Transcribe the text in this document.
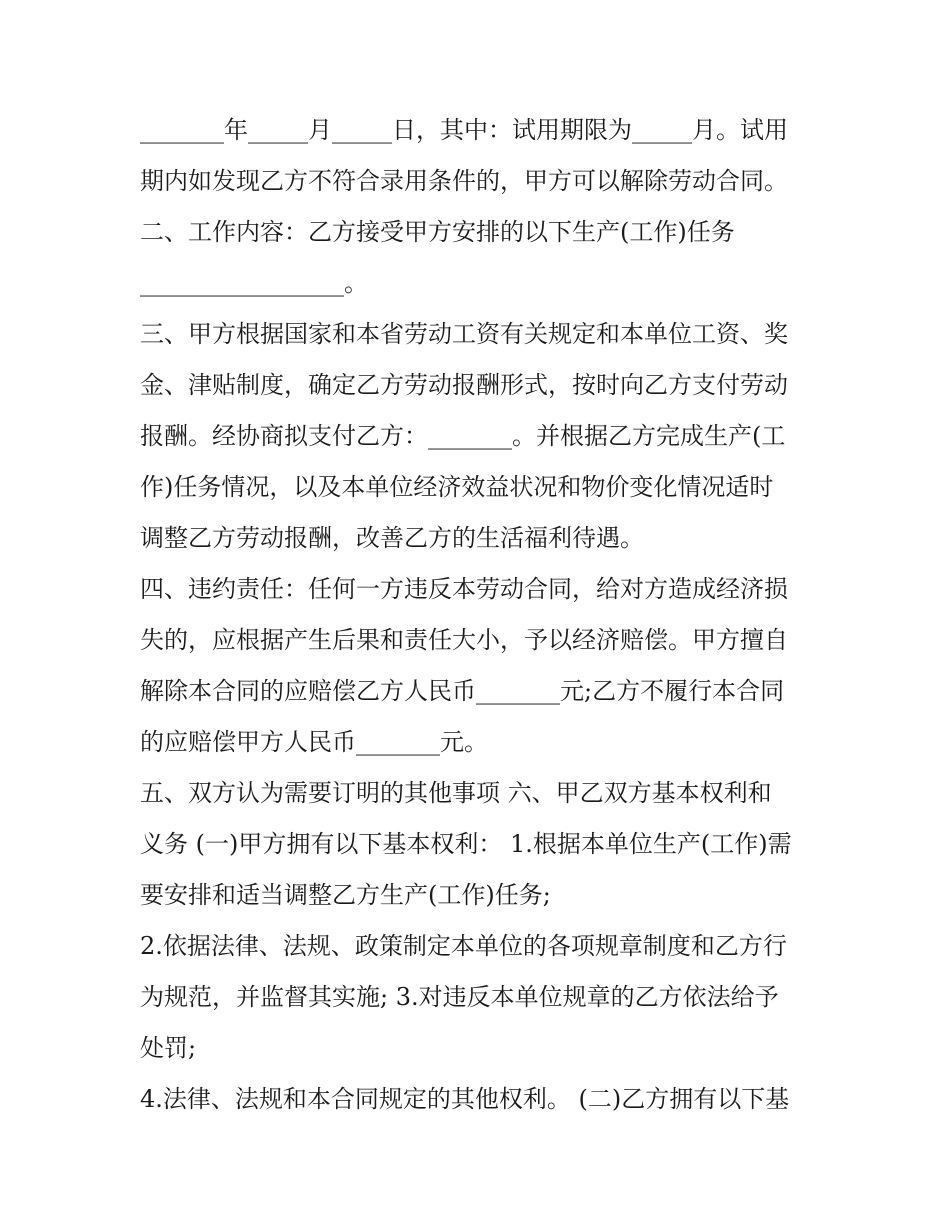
_______年_____月_____日，其中：试用期限为_____月。试用
期内如发现乙方不符合录用条件的，甲方可以解除劳动合同。
二、工作内容：乙方接受甲方安排的以下生产(工作)任务
_________________。
三、甲方根据国家和本省劳动工资有关规定和本单位工资、奖
金、津贴制度，确定乙方劳动报酬形式，按时向乙方支付劳动
报酬。经协商拟支付乙方：_______。并根据乙方完成生产(工
作)任务情况，以及本单位经济效益状况和物价变化情况适时
调整乙方劳动报酬，改善乙方的生活福利待遇。
四、违约责任：任何一方违反本劳动合同，给对方造成经济损
失的，应根据产生后果和责任大小，予以经济赔偿。甲方擅自
解除本合同的应赔偿乙方人民币_______元;乙方不履行本合同
的应赔偿甲方人民币_______元。
五、双方认为需要订明的其他事项 六、甲乙双方基本权利和
义务 (一)甲方拥有以下基本权利： 1.根据本单位生产(工作)需
要安排和适当调整乙方生产(工作)任务;
2.依据法律、法规、政策制定本单位的各项规章制度和乙方行
为规范，并监督其实施; 3.对违反本单位规章的乙方依法给予
处罚;
4.法律、法规和本合同规定的其他权利。 (二)乙方拥有以下基
